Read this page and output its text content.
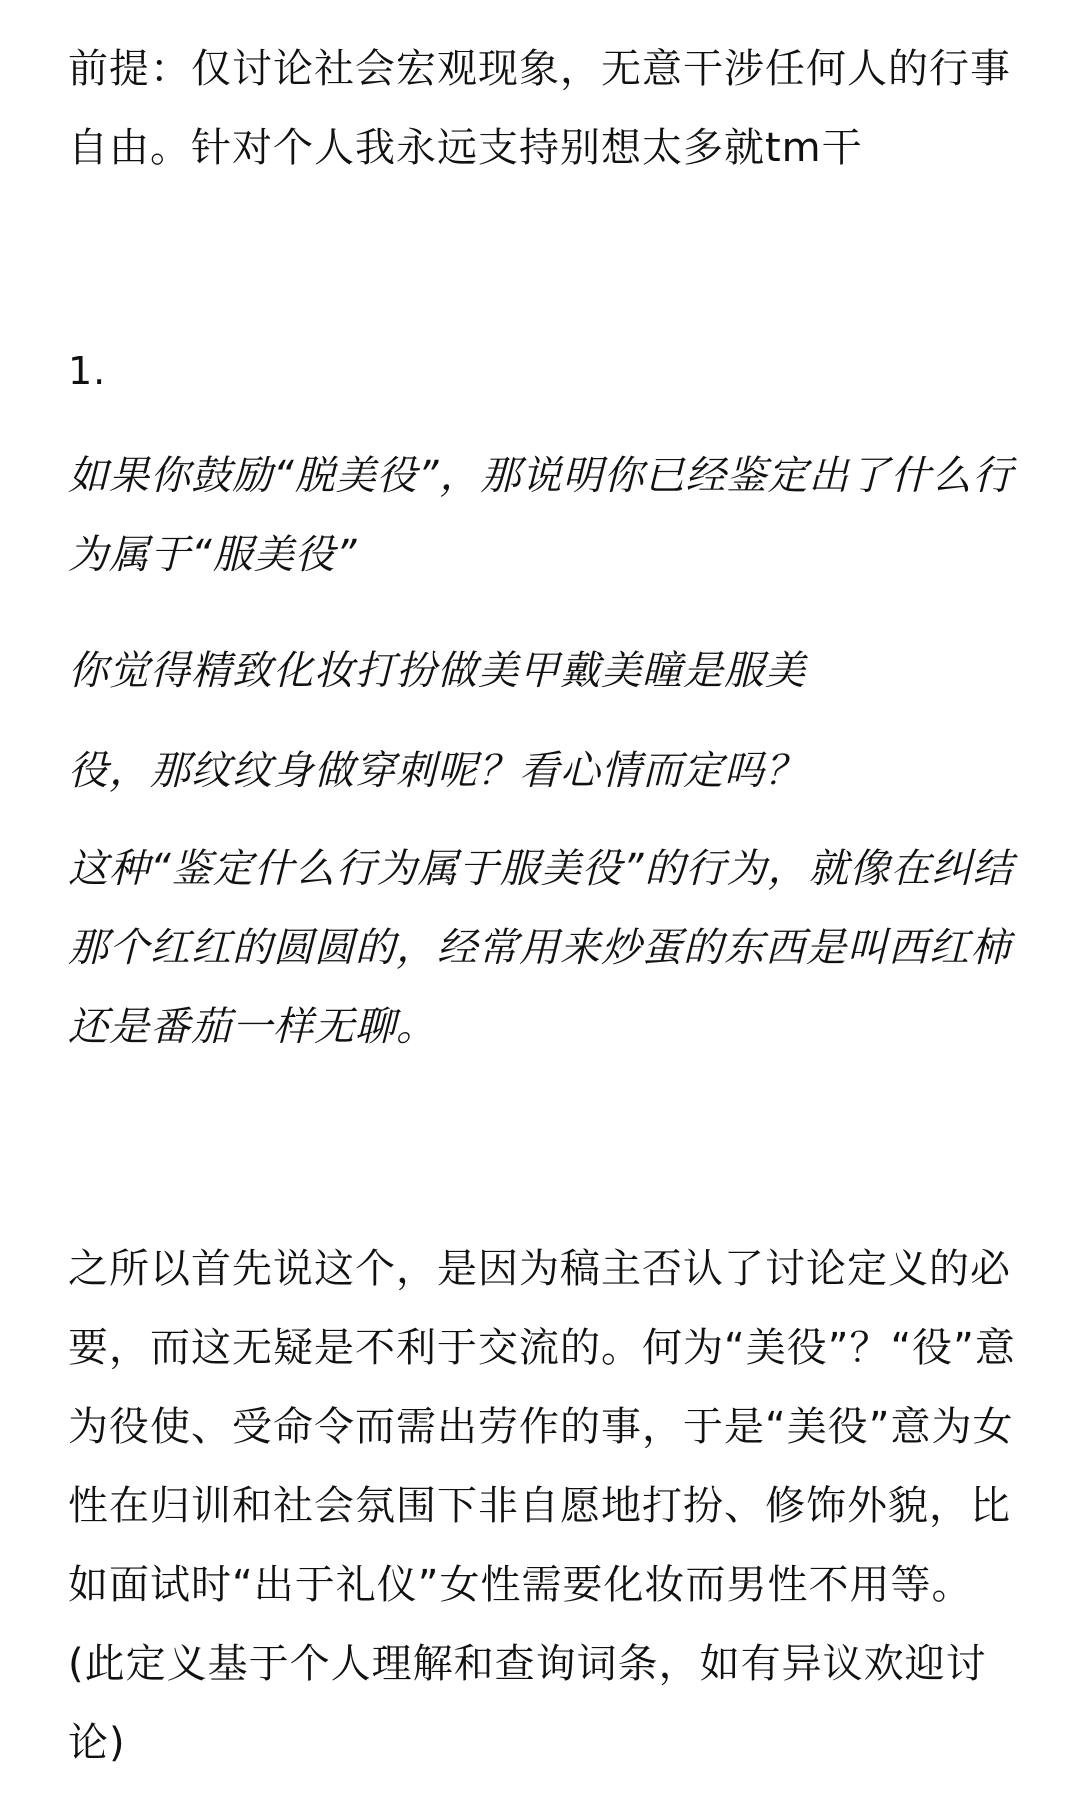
前提：仅讨论社会宏观现象，无意干涉任何人的行事自由。针对个人我永远支持别想太多就tm干

1.

如果你鼓励“脱美役”，那说明你已经鉴定出了什么行为属于“服美役”

你觉得精致化妆打扮做美甲戴美瞳是服美

役，那纹纹身做穿刺呢？看心情而定吗？

这种“鉴定什么行为属于服美役”的行为，就像在纠结那个红红的圆圆的，经常用来炒蛋的东西是叫西红柿还是番茄一样无聊。

之所以首先说这个，是因为稿主否认了讨论定义的必要，而这无疑是不利于交流的。何为“美役”？“役”意为役使、受命令而需出劳作的事，于是“美役”意为女性在归训和社会氛围下非自愿地打扮、修饰外貌，比如面试时“出于礼仪”女性需要化妆而男性不用等。(此定义基于个人理解和查询词条，如有异议欢迎讨论)
